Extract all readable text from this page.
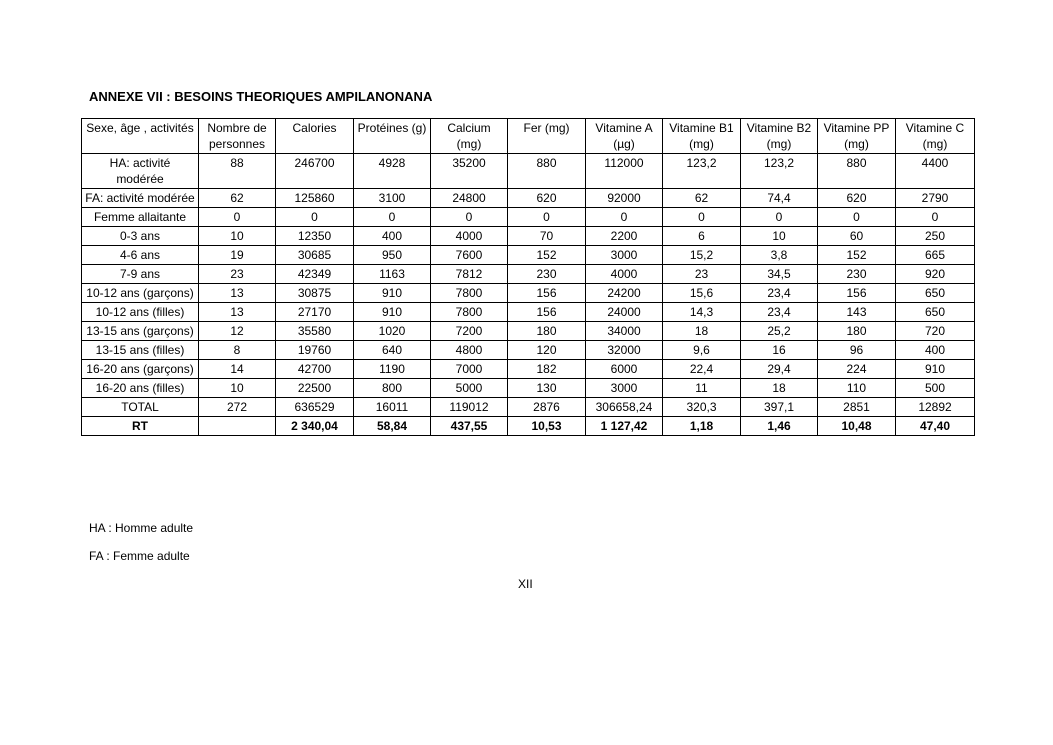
ANNEXE VII : BESOINS THEORIQUES AMPILANONANA
Sexe, âge , activités	Nombre de personnes	Calories	Protéines (g)	Calcium (mg)	Fer (mg)	Vitamine A (µg)	Vitamine B1 (mg)	Vitamine B2 (mg)	Vitamine PP (mg)	Vitamine C (mg)
HA: activité modérée	88	246700	4928	35200	880	112000	123,2	123,2	880	4400
FA: activité modérée	62	125860	3100	24800	620	92000	62	74,4	620	2790
Femme allaitante	0	0	0	0	0	0	0	0	0	0
0-3 ans	10	12350	400	4000	70	2200	6	10	60	250
4-6 ans	19	30685	950	7600	152	3000	15,2	3,8	152	665
7-9 ans	23	42349	1163	7812	230	4000	23	34,5	230	920
10-12 ans (garçons)	13	30875	910	7800	156	24200	15,6	23,4	156	650
10-12 ans (filles)	13	27170	910	7800	156	24000	14,3	23,4	143	650
13-15 ans (garçons)	12	35580	1020	7200	180	34000	18	25,2	180	720
13-15 ans (filles)	8	19760	640	4800	120	32000	9,6	16	96	400
16-20 ans (garçons)	14	42700	1190	7000	182	6000	22,4	29,4	224	910
16-20 ans (filles)	10	22500	800	5000	130	3000	11	18	110	500
TOTAL	272	636529	16011	119012	2876	306658,24	320,3	397,1	2851	12892
RT		2 340,04	58,84	437,55	10,53	1 127,42	1,18	1,46	10,48	47,40
HA : Homme adulte
FA : Femme adulte
XII
